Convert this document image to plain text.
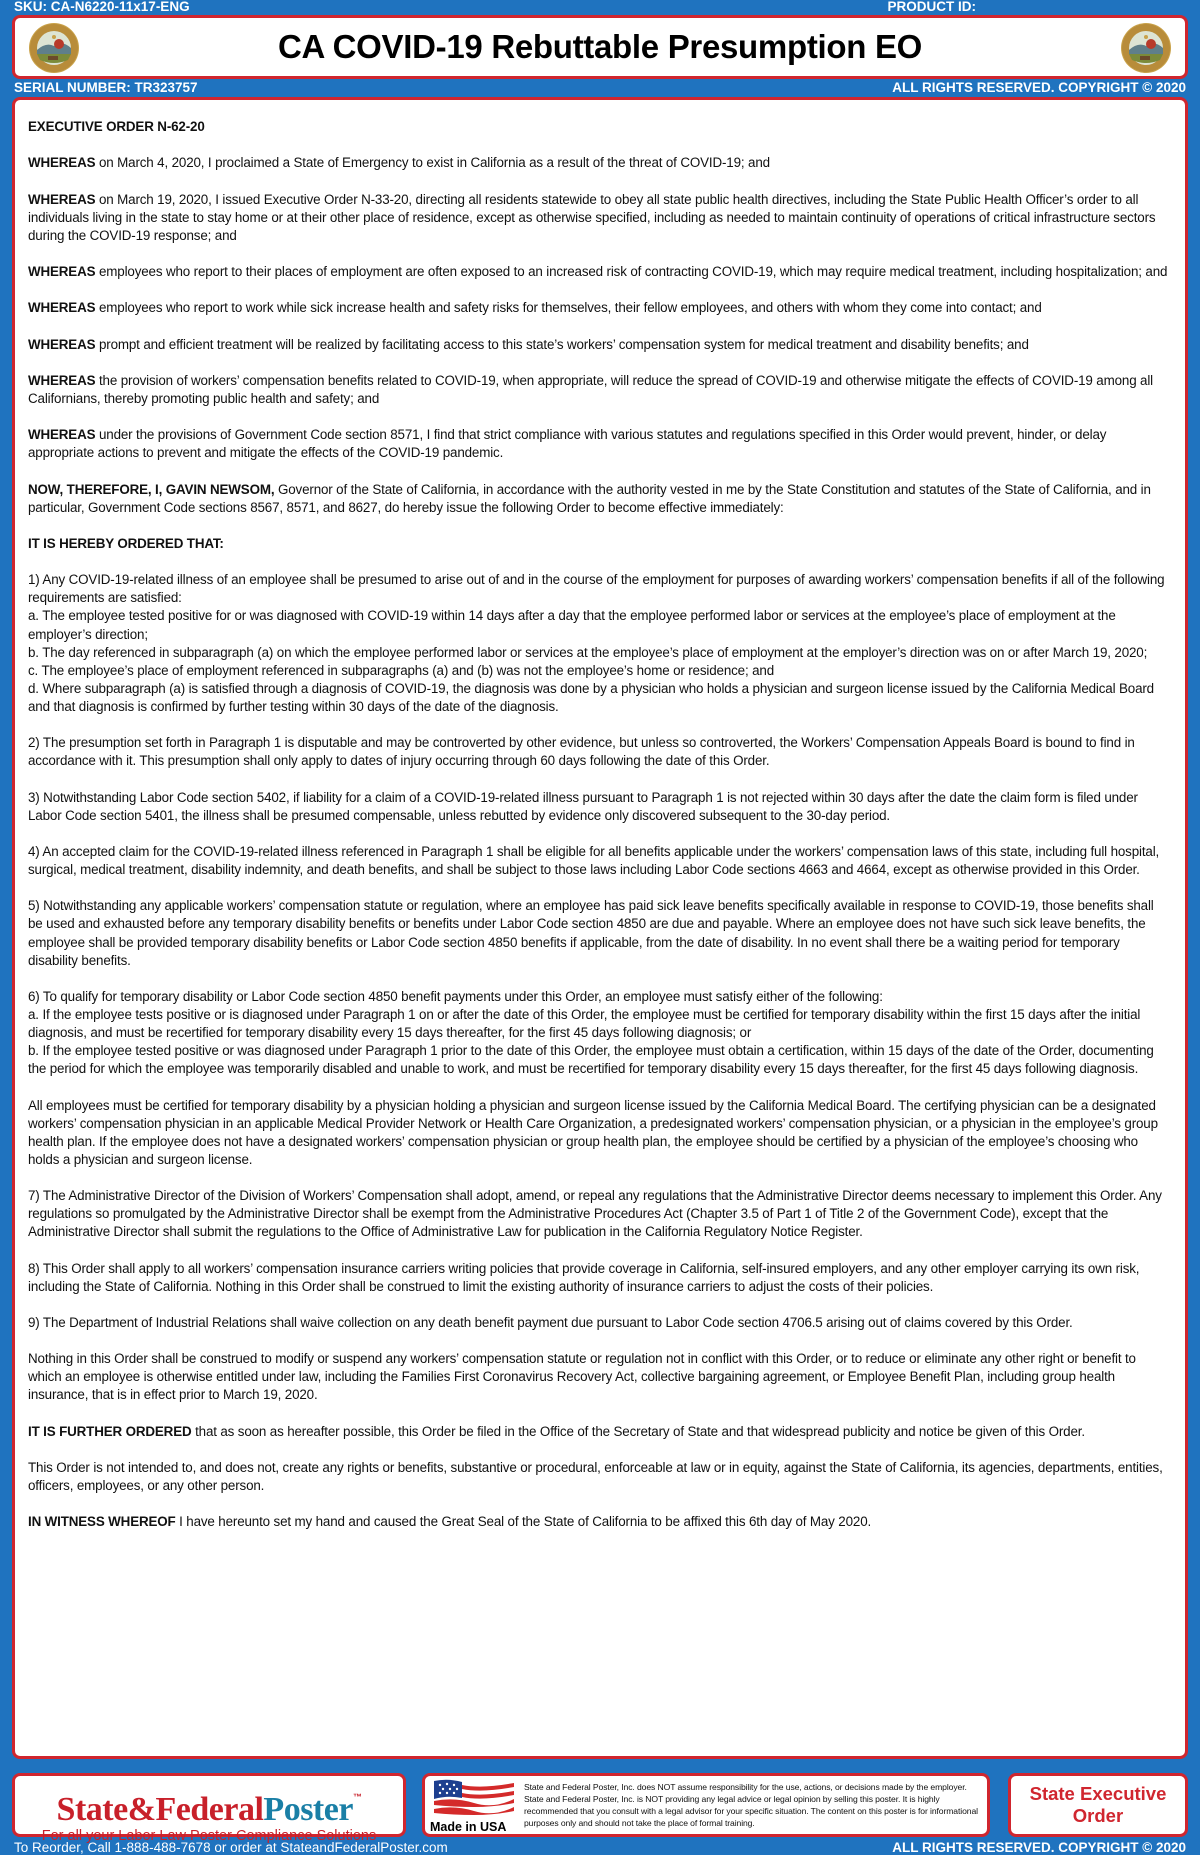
SKU: CA-N6220-11x17-ENG	PRODUCT ID:
CA COVID-19 Rebuttable Presumption EO
SERIAL NUMBER: TR323757	ALL RIGHTS RESERVED. COPYRIGHT © 2020

EXECUTIVE ORDER N-62-20

WHEREAS on March 4, 2020, I proclaimed a State of Emergency to exist in California as a result of the threat of COVID-19; and

WHEREAS on March 19, 2020, I issued Executive Order N-33-20, directing all residents statewide to obey all state public health directives, including the State Public Health Officer’s order to all individuals living in the state to stay home or at their other place of residence, except as otherwise specified, including as needed to maintain continuity of operations of critical infrastructure sectors during the COVID-19 response; and

WHEREAS employees who report to their places of employment are often exposed to an increased risk of contracting COVID-19, which may require medical treatment, including hospitalization; and

WHEREAS employees who report to work while sick increase health and safety risks for themselves, their fellow employees, and others with whom they come into contact; and

WHEREAS prompt and efficient treatment will be realized by facilitating access to this state’s workers’ compensation system for medical treatment and disability benefits; and

WHEREAS the provision of workers’ compensation benefits related to COVID-19, when appropriate, will reduce the spread of COVID-19 and otherwise mitigate the effects of COVID-19 among all Californians, thereby promoting public health and safety; and

WHEREAS under the provisions of Government Code section 8571, I find that strict compliance with various statutes and regulations specified in this Order would prevent, hinder, or delay appropriate actions to prevent and mitigate the effects of the COVID-19 pandemic.

NOW, THEREFORE, I, GAVIN NEWSOM, Governor of the State of California, in accordance with the authority vested in me by the State Constitution and statutes of the State of California, and in particular, Government Code sections 8567, 8571, and 8627, do hereby issue the following Order to become effective immediately:

IT IS HEREBY ORDERED THAT:

1) Any COVID-19-related illness of an employee shall be presumed to arise out of and in the course of the employment for purposes of awarding workers’ compensation benefits if all of the following requirements are satisfied:

a. The employee tested positive for or was diagnosed with COVID-19 within 14 days after a day that the employee performed labor or services at the employee’s place of employment at the employer’s direction;

b. The day referenced in subparagraph (a) on which the employee performed labor or services at the employee’s place of employment at the employer’s direction was on or after March 19, 2020;

c. The employee’s place of employment referenced in subparagraphs (a) and (b) was not the employee’s home or residence; and

d. Where subparagraph (a) is satisfied through a diagnosis of COVID-19, the diagnosis was done by a physician who holds a physician and surgeon license issued by the California Medical Board and that diagnosis is confirmed by further testing within 30 days of the date of the diagnosis.

2) The presumption set forth in Paragraph 1 is disputable and may be controverted by other evidence, but unless so controverted, the Workers’ Compensation Appeals Board is bound to find in accordance with it. This presumption shall only apply to dates of injury occurring through 60 days following the date of this Order.

3) Notwithstanding Labor Code section 5402, if liability for a claim of a COVID-19-related illness pursuant to Paragraph 1 is not rejected within 30 days after the date the claim form is filed under Labor Code section 5401, the illness shall be presumed compensable, unless rebutted by evidence only discovered subsequent to the 30-day period.

4) An accepted claim for the COVID-19-related illness referenced in Paragraph 1 shall be eligible for all benefits applicable under the workers’ compensation laws of this state, including full hospital, surgical, medical treatment, disability indemnity, and death benefits, and shall be subject to those laws including Labor Code sections 4663 and 4664, except as otherwise provided in this Order.

5) Notwithstanding any applicable workers’ compensation statute or regulation, where an employee has paid sick leave benefits specifically available in response to COVID-19, those benefits shall be used and exhausted before any temporary disability benefits or benefits under Labor Code section 4850 are due and payable. Where an employee does not have such sick leave benefits, the employee shall be provided temporary disability benefits or Labor Code section 4850 benefits if applicable, from the date of disability. In no event shall there be a waiting period for temporary disability benefits.

6) To qualify for temporary disability or Labor Code section 4850 benefit payments under this Order, an employee must satisfy either of the following:

a. If the employee tests positive or is diagnosed under Paragraph 1 on or after the date of this Order, the employee must be certified for temporary disability within the first 15 days after the initial diagnosis, and must be recertified for temporary disability every 15 days thereafter, for the first 45 days following diagnosis; or

b. If the employee tested positive or was diagnosed under Paragraph 1 prior to the date of this Order, the employee must obtain a certification, within 15 days of the date of the Order, documenting the period for which the employee was temporarily disabled and unable to work, and must be recertified for temporary disability every 15 days thereafter, for the first 45 days following diagnosis.

All employees must be certified for temporary disability by a physician holding a physician and surgeon license issued by the California Medical Board. The certifying physician can be a designated workers’ compensation physician in an applicable Medical Provider Network or Health Care Organization, a predesignated workers’ compensation physician, or a physician in the employee’s group health plan. If the employee does not have a designated workers’ compensation physician or group health plan, the employee should be certified by a physician of the employee’s choosing who holds a physician and surgeon license.

7) The Administrative Director of the Division of Workers’ Compensation shall adopt, amend, or repeal any regulations that the Administrative Director deems necessary to implement this Order. Any regulations so promulgated by the Administrative Director shall be exempt from the Administrative Procedures Act (Chapter 3.5 of Part 1 of Title 2 of the Government Code), except that the Administrative Director shall submit the regulations to the Office of Administrative Law for publication in the California Regulatory Notice Register.

8) This Order shall apply to all workers’ compensation insurance carriers writing policies that provide coverage in California, self-insured employers, and any other employer carrying its own risk, including the State of California. Nothing in this Order shall be construed to limit the existing authority of insurance carriers to adjust the costs of their policies.

9) The Department of Industrial Relations shall waive collection on any death benefit payment due pursuant to Labor Code section 4706.5 arising out of claims covered by this Order.

Nothing in this Order shall be construed to modify or suspend any workers’ compensation statute or regulation not in conflict with this Order, or to reduce or eliminate any other right or benefit to which an employee is otherwise entitled under law, including the Families First Coronavirus Recovery Act, collective bargaining agreement, or Employee Benefit Plan, including group health insurance, that is in effect prior to March 19, 2020.

IT IS FURTHER ORDERED that as soon as hereafter possible, this Order be filed in the Office of the Secretary of State and that widespread publicity and notice be given of this Order.

This Order is not intended to, and does not, create any rights or benefits, substantive or procedural, enforceable at law or in equity, against the State of California, its agencies, departments, entities, officers, employees, or any other person.

IN WITNESS WHEREOF I have hereunto set my hand and caused the Great Seal of the State of California to be affixed this 6th day of May 2020.

State&FederalPoster™
For all your Labor Law Poster Compliance Solutions
Made in USA
State and Federal Poster, Inc. does NOT assume responsibility for the use, actions, or decisions made by the employer. State and Federal Poster, Inc. is NOT providing any legal advice or legal opinion by selling this poster. It is highly recommended that you consult with a legal advisor for your specific situation. The content on this poster is for informational purposes only and should not take the place of formal training.
State Executive Order
To Reorder, Call 1-888-488-7678 or order at StateandFederalPoster.com	ALL RIGHTS RESERVED. COPYRIGHT © 2020
